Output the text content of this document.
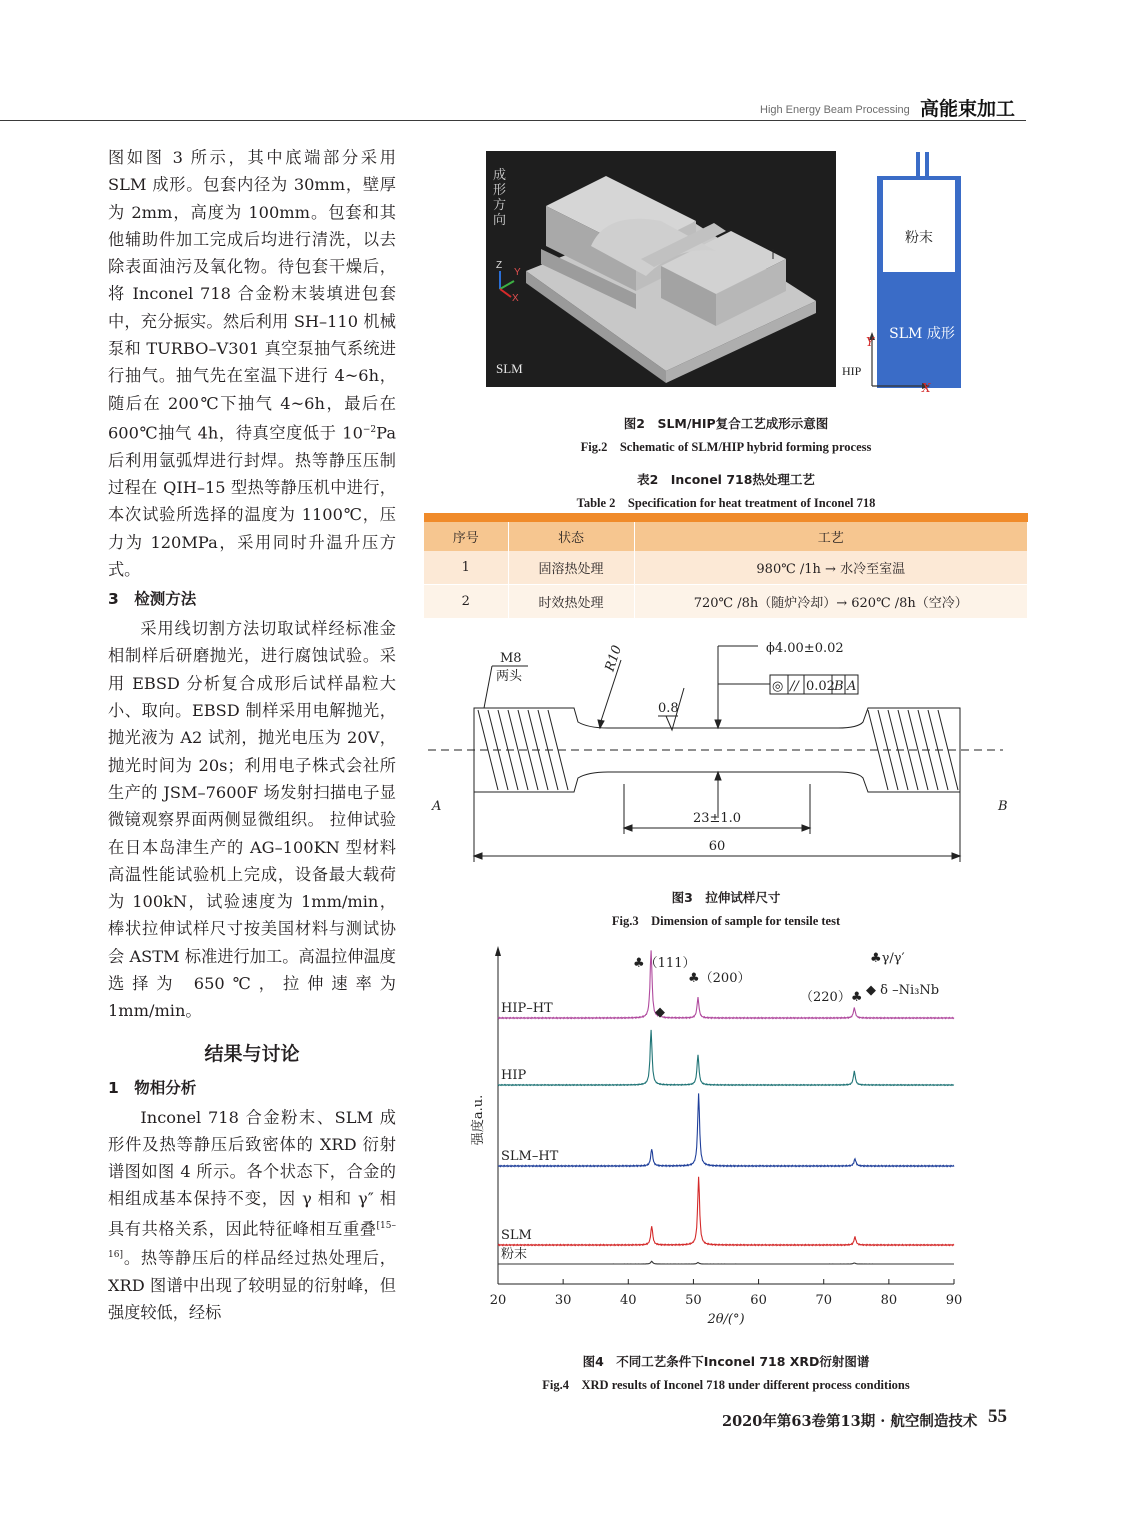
High Energy Beam Processing 高能束加工

图如图 3 所示，其中底端部分采用 SLM 成形。包套内径为 30mm，壁厚为 2mm，高度为 100mm。包套和其他辅助件加工完成后均进行清洗，以去除表面油污及氧化物。待包套干燥后，将 Inconel 718 合金粉末装填进包套中，充分振实。然后利用 SH–110 机械泵和 TURBO–V301 真空泵抽气系统进行抽气。抽气先在室温下进行 4~6h，随后在 200℃下抽气 4~6h，最后在 600℃抽气 4h，待真空度低于 $10^{-2}Pa$ 后利用氩弧焊进行封焊。热等静压压制过程在 QIH–15 型热等静压机中进行，本次试验所选择的温度为 1100℃，压力为 120MPa，采用同时升温升压方式。

3　检测方法

采用线切割方法切取试样经标准金相制样后研磨抛光，进行腐蚀试验。采用 EBSD 分析复合成形后试样晶粒大小、取向。EBSD 制样采用电解抛光，抛光液为 A2 试剂，抛光电压为 20V，抛光时间为 20s；利用电子株式会社所生产的 JSM–7600F 场发射扫描电子显微镜观察界面两侧显微组织。 拉伸试验在日本岛津生产的 AG–100KN 型材料高温性能试验机上完成，设备最大载荷为 100kN，试验速度为 1mm/min，棒状拉伸试样尺寸按美国材料与测试协会 ASTM 标准进行加工。高温拉伸温度选择为 650℃，拉伸速率为 1mm/min。

结果与讨论
1　物相分析

Inconel 718 合金粉末、SLM 成形件及热等静压后致密体的 XRD 衍射谱图如图 4 所示。各个状态下，合金的相组成基本保持不变，因 γ 相和 γ″ 相具有共格关系，因此特征峰相互重叠[15–16]。热等静压后的样品经过热处理后，XRD 图谱中出现了较明显的衍射峰，但强度较低，经标

Z
Y
X
SLM
成形方向
粉末
SLM 成形
Y
X
HIP
图2　SLM/HIP复合工艺成形示意图
Fig.2　Schematic of SLM/HIP hybrid forming process
表2　Inconel 718热处理工艺
Table 2　Specification for heat treatment of Inconel 718
序号	状态	工艺
1	固溶热处理	980℃ /1h → 水冷至室温
2	时效热处理	720℃ /8h（随炉冷却）→ 620℃ /8h（空冷）
M8
两头
R10
0.8
ϕ4.00±0.02
◎ // 0.02 B A
A	B
23±1.0
60
图3　拉伸试样尺寸
Fig.3　Dimension of sample for tensile test
20	30	40	50	60	70	80	90
HIP–HT
HIP
SLM–HT
SLM
粉末
强度a.u.
2θ/(°)
♣（111）
♣（200）
（220）♣
◆
♣γ/γ′
◆ δ –Ni₃Nb
图4　不同工艺条件下Inconel 718 XRD衍射图谱
Fig.4　XRD results of Inconel 718 under different process conditions
2020年第63卷第13期 · 航空制造技术 55
